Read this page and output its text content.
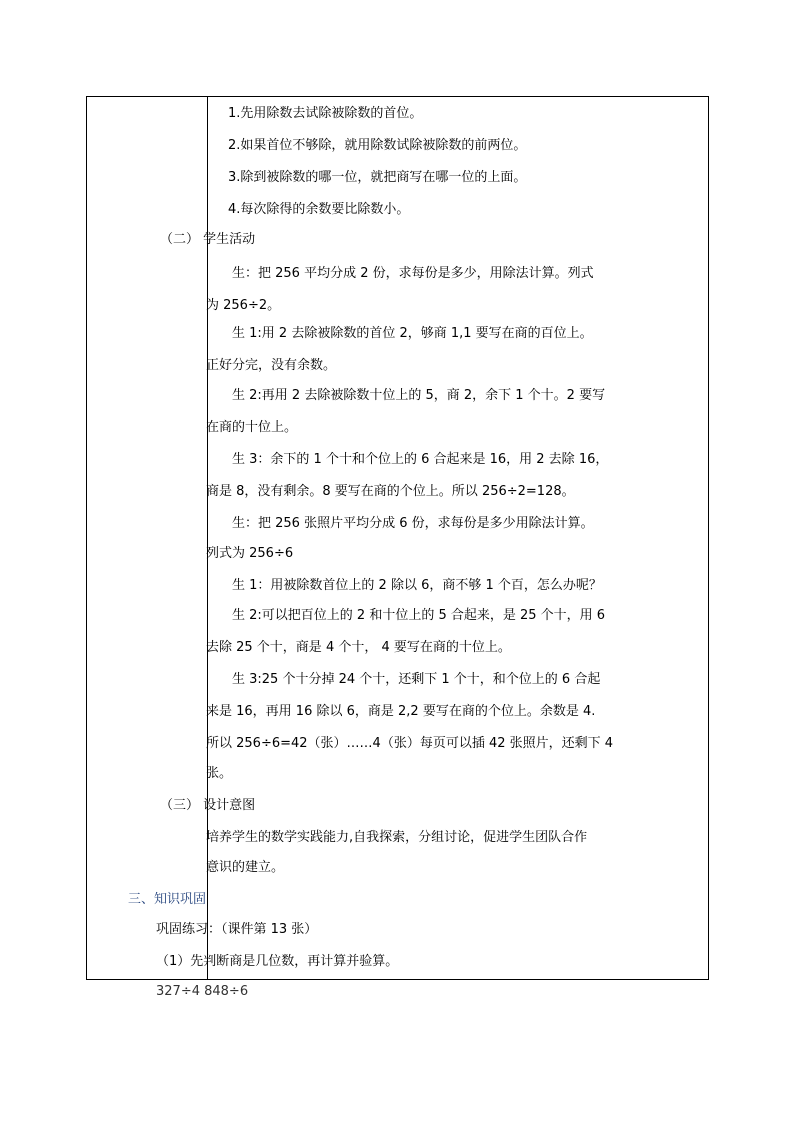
1.先用除数去试除被除数的首位。
2.如果首位不够除，就用除数试除被除数的前两位。
3.除到被除数的哪一位，就把商写在哪一位的上面。
4.每次除得的余数要比除数小。
（二） 学生活动
生：把 256 平均分成 2 份，求每份是多少，用除法计算。列式
为 256÷2。
生 1:用 2 去除被除数的首位 2，够商 1,1 要写在商的百位上。
正好分完，没有余数。
生 2:再用 2 去除被除数十位上的 5，商 2，余下 1 个十。2 要写
在商的十位上。
生 3：余下的 1 个十和个位上的 6 合起来是 16，用 2 去除 16，
商是 8，没有剩余。8 要写在商的个位上。所以 256÷2=128。
生：把 256 张照片平均分成 6 份，求每份是多少用除法计算。
列式为 256÷6
生 1：用被除数首位上的 2 除以 6，商不够 1 个百，怎么办呢？
生 2:可以把百位上的 2 和十位上的 5 合起来，是 25 个十，用 6
去除 25 个十，商是 4 个十， 4 要写在商的十位上。
生 3:25 个十分掉 24 个十，还剩下 1 个十，和个位上的 6 合起
来是 16，再用 16 除以 6，商是 2,2 要写在商的个位上。余数是 4.
所以 256÷6=42（张）……4（张）每页可以插 42 张照片，还剩下 4
张。
（三） 设计意图
培养学生的数学实践能力,自我探索，分组讨论，促进学生团队合作
意识的建立。
三、知识巩固
巩固练习：（课件第 13 张）
（1）先判断商是几位数，再计算并验算。
327÷4 848÷6
